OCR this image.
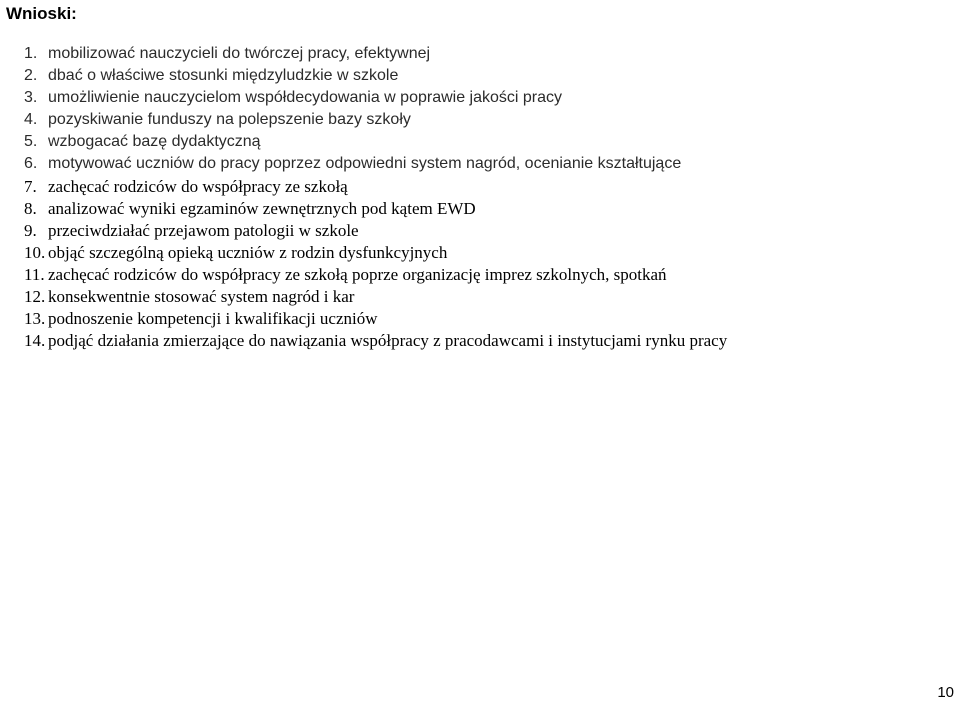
Wnioski:
1. mobilizować nauczycieli do twórczej pracy, efektywnej
2. dbać o właściwe stosunki międzyludzkie w szkole
3. umożliwienie nauczycielom współdecydowania w poprawie jakości pracy
4. pozyskiwanie funduszy na polepszenie bazy szkoły
5. wzbogacać bazę dydaktyczną
6. motywować uczniów do pracy poprzez odpowiedni system nagród, ocenianie kształtujące
7. zachęcać rodziców do współpracy ze szkołą
8. analizować wyniki egzaminów zewnętrznych pod kątem EWD
9. przeciwdziałać przejawom patologii w szkole
10. objąć szczególną opieką uczniów z rodzin dysfunkcyjnych
11. zachęcać rodziców do współpracy ze szkołą poprze organizację imprez szkolnych, spotkań
12. konsekwentnie stosować system nagród i kar
13. podnoszenie kompetencji i kwalifikacji uczniów
14. podjąć działania zmierzające do nawiązania współpracy z pracodawcami i instytucjami rynku pracy
10
